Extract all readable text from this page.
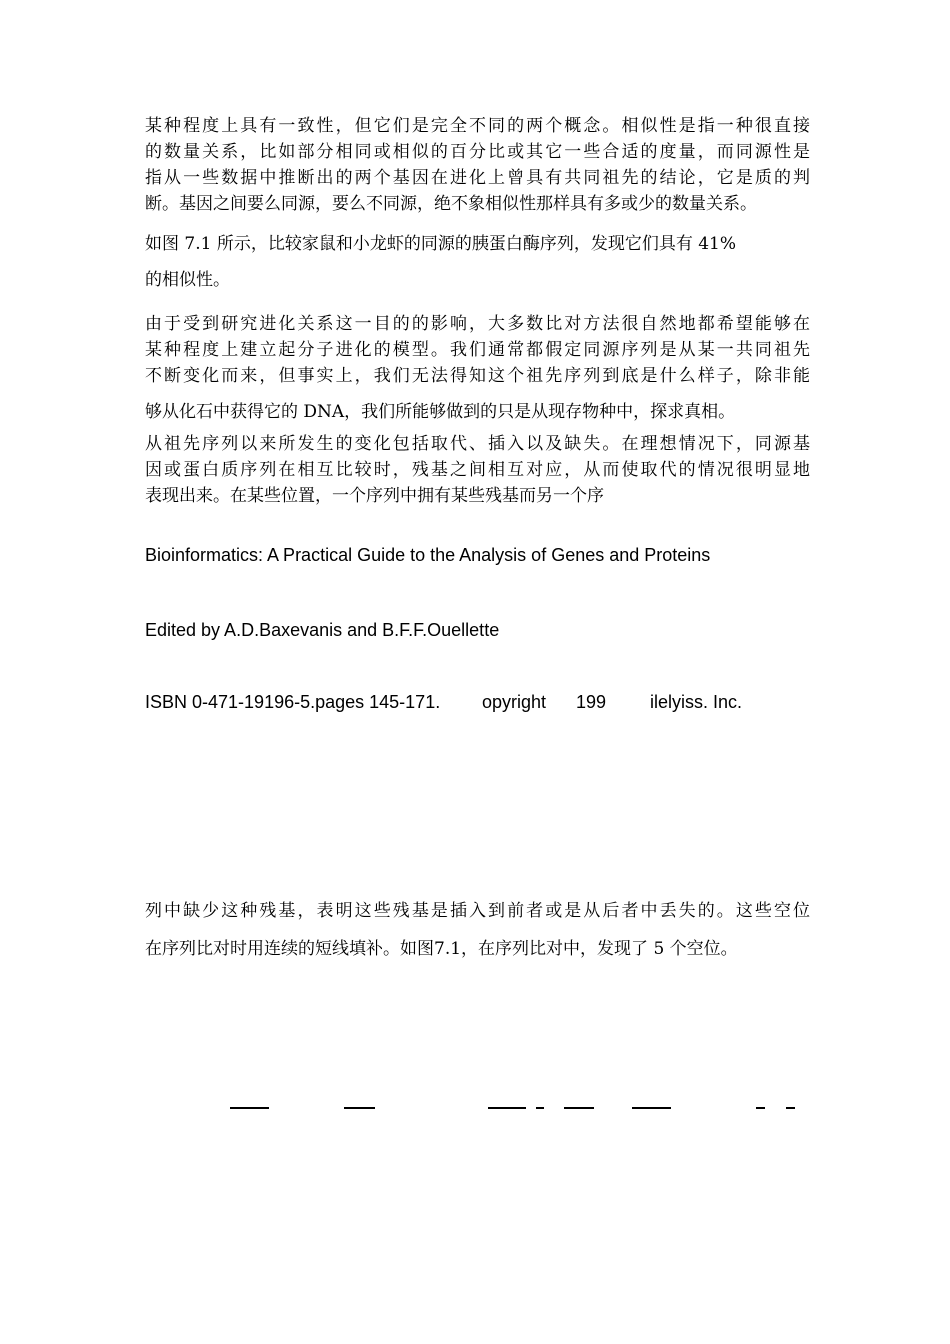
某种程度上具有一致性，但它们是完全不同的两个概念。相似性是指一种很直接
的数量关系，比如部分相同或相似的百分比或其它一些合适的度量，而同源性是
指从一些数据中推断出的两个基因在进化上曾具有共同祖先的结论，它是质的判
断。基因之间要么同源，要么不同源，绝不象相似性那样具有多或少的数量关系。
如图 7.1 所示，比较家鼠和小龙虾的同源的胰蛋白酶序列，发现它们具有 41%
的相似性。
由于受到研究进化关系这一目的的影响，大多数比对方法很自然地都希望能够在
某种程度上建立起分子进化的模型。我们通常都假定同源序列是从某一共同祖先
不断变化而来，但事实上，我们无法得知这个祖先序列到底是什么样子，除非能
够从化石中获得它的 DNA，我们所能够做到的只是从现存物种中，探求真相。
从祖先序列以来所发生的变化包括取代、插入以及缺失。在理想情况下，同源基
因或蛋白质序列在相互比较时，残基之间相互对应，从而使取代的情况很明显地
表现出来。在某些位置，一个序列中拥有某些残基而另一个序
Bioinformatics: A Practical Guide to the Analysis of Genes and Proteins
Edited by A.D.Baxevanis and B.F.F.Ouellette
ISBN 0-471-19196-5.pages 145-171. opyright 199 ilelyiss. Inc.
列中缺少这种残基，表明这些残基是插入到前者或是从后者中丢失的。这些空位
在序列比对时用连续的短线填补。如图7.1，在序列比对中，发现了 5 个空位。
